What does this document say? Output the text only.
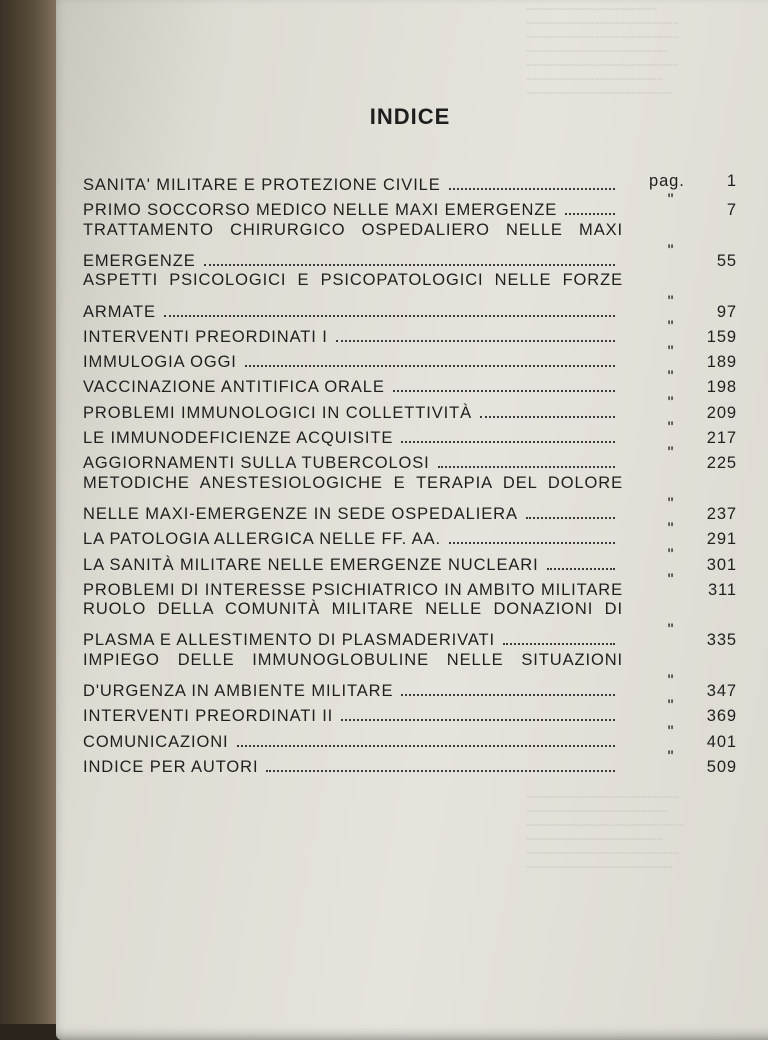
~~~~~~~~~~~~~~~~~~~~~~~~~
~~~~~~~~~~~~~~~~~~~~~~~~~~~~~
~~~~~~~~~~~~~~~~~~~~~~~~~~~~~
~~~~~~~~~~~~~~~~~~~~~~~~~~~
~~~~~~~~~~~~~~~~~~~~~~~~~~~~~
~~~~~~~~~~~~~~~~~~~~~~~~~~
~~~~~~~~~~~~~~~~~~~~~~~~~~~~
~~~~~~~~~~~~~~~~~~~~~~~~~~~~~
~~~~~~~~~~~~~~~~~~~~~~~~~~~
~~~~~~~~~~~~~~~~~~~~~~~~~~~~~~
~~~~~~~~~~~~~~~~~~~~~~~~~~
~~~~~~~~~~~~~~~~~~~~~~~~~~~~~
~~~~~~~~~~~~~~~~~~~~~~~~~~~~
INDICE
SANITA' MILITARE E PROTEZIONE CIVILE	pag.	1
PRIMO SOCCORSO MEDICO NELLE MAXI EMERGENZE
"
7
TRATTAMENTO CHIRURGICO OSPEDALIERO NELLE MAXI
EMERGENZE
"
55
ASPETTI PSICOLOGICI E PSICOPATOLOGICI NELLE FORZE
ARMATE
"
97
INTERVENTI PREORDINATI I
"
159
IMMULOGIA OGGI
"
189
VACCINAZIONE ANTITIFICA ORALE
"
198
PROBLEMI IMMUNOLOGICI IN COLLETTIVITÀ
"
209
LE IMMUNODEFICIENZE ACQUISITE
"
217
AGGIORNAMENTI SULLA TUBERCOLOSI
"
225
METODICHE ANESTESIOLOGICHE E TERAPIA DEL DOLORE
NELLE MAXI-EMERGENZE IN SEDE OSPEDALIERA
"
237
LA PATOLOGIA ALLERGICA NELLE FF. AA.
"
291
LA SANITÀ MILITARE NELLE EMERGENZE NUCLEARI
"
301
PROBLEMI DI INTERESSE PSICHIATRICO IN AMBITO MILITARE
"
311
RUOLO DELLA COMUNITÀ MILITARE NELLE DONAZIONI DI
PLASMA E ALLESTIMENTO DI PLASMADERIVATI
"
335
IMPIEGO DELLE IMMUNOGLOBULINE NELLE SITUAZIONI
D'URGENZA IN AMBIENTE MILITARE
"
347
INTERVENTI PREORDINATI II
"
369
COMUNICAZIONI
"
401
INDICE PER AUTORI
"
509
